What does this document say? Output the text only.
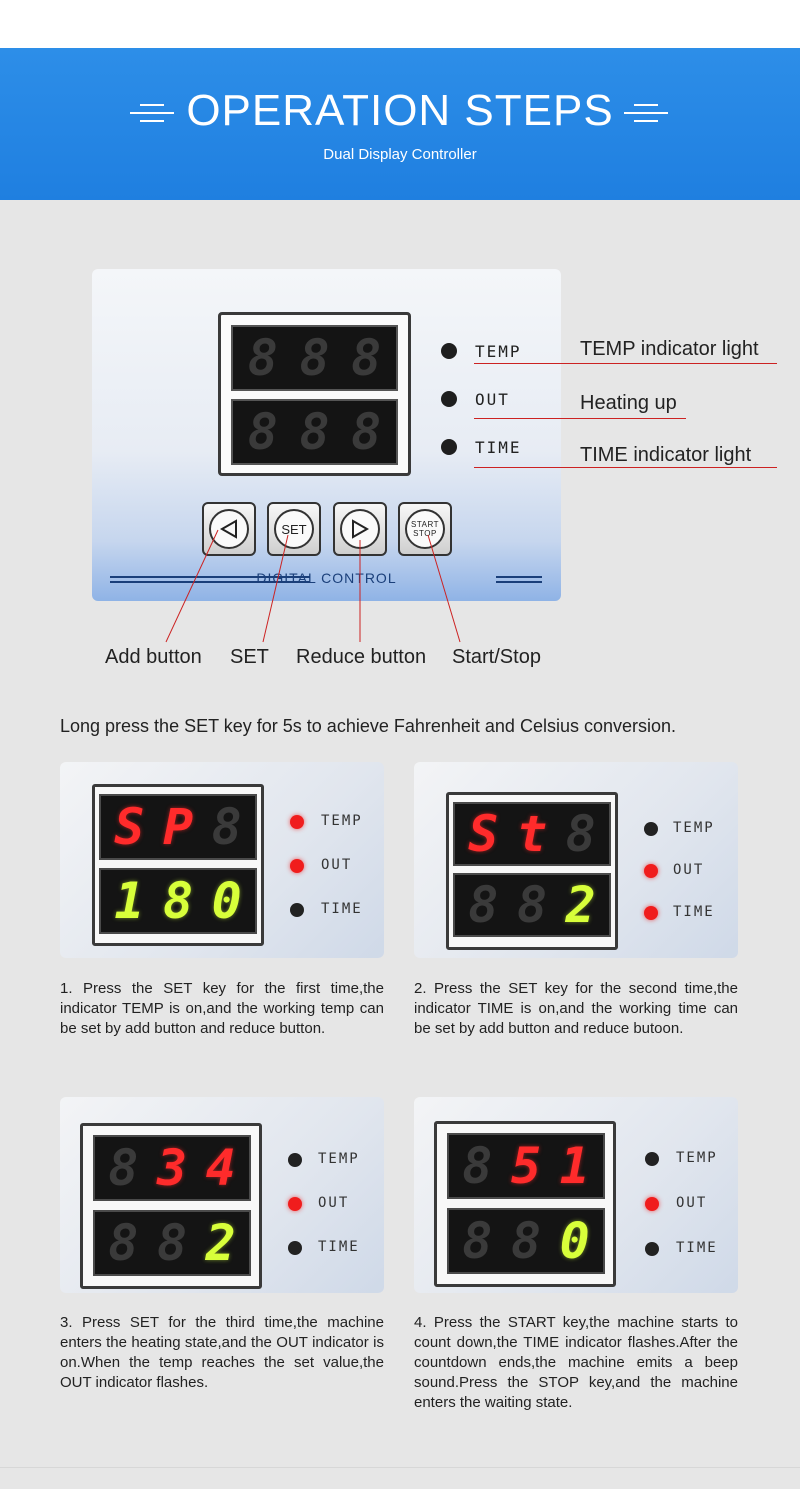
OPERATION STEPS
Dual Display Controller
8 8 8
8 8 8
TEMP
OUT
TIME
SET	START
STOP
DIGITAL CONTROL
TEMP indicator light
Heating up
TIME indicator light
Add button SET Reduce button Start/Stop
Long press the SET key for 5s to achieve Fahrenheit and Celsius conversion.
S P 8
1 8 0
TEMP
OUT
TIME
1. Press the SET key for the first time,the indicator TEMP is on,and the working temp can be set by add button and reduce button.
S t 8
8 8 2
TEMP
OUT
TIME
2. Press the SET key for the second time,the indicator TIME is on,and the working time can be set by add button and reduce butoon.
8 3 4
8 8 2
TEMP
OUT
TIME
3. Press SET for the third time,the machine enters the heating state,and the OUT indicator is on.When the temp reaches the set value,the OUT indicator flashes.
8 5 1
8 8 0
TEMP
OUT
TIME
4. Press the START key,the machine starts to count down,the TIME indicator flashes.After the countdown ends,the machine emits a beep sound.Press the STOP key,and the machine enters the waiting state.
